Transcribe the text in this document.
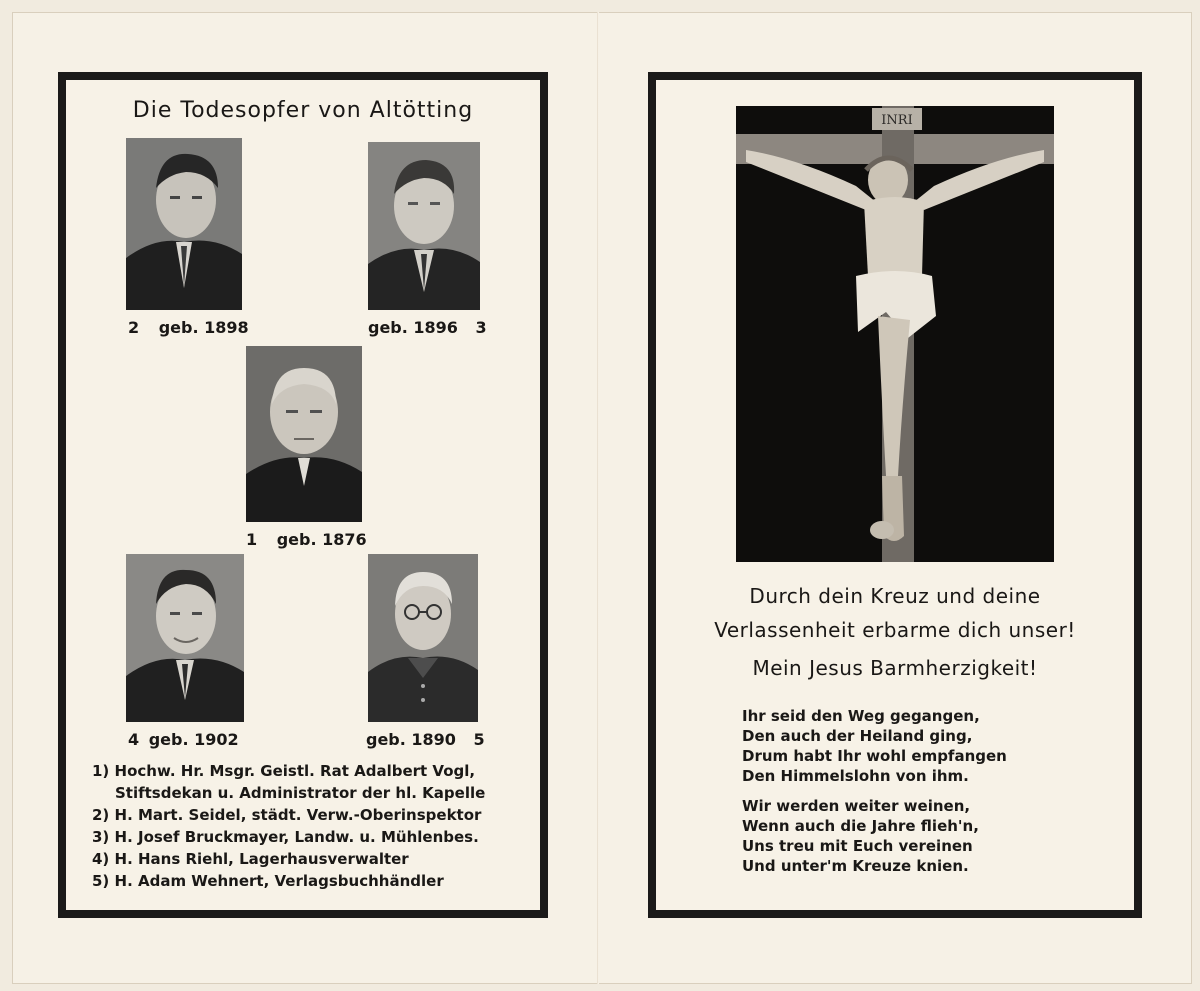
Die Todesopfer von Altötting
2 geb. 1898	geb. 1896 3
1 geb. 1876
4 geb. 1902	geb. 1890 5
1) Hochw. Hr. Msgr. Geistl. Rat Adalbert Vogl,
Stiftsdekan u. Administrator der hl. Kapelle
2) H. Mart. Seidel, städt. Verw.-Oberinspektor
3) H. Josef Bruckmayer, Landw. u. Mühlenbes.
4) H. Hans Riehl, Lagerhausverwalter
5) H. Adam Wehnert, Verlagsbuchhändler
INRI
Durch dein Kreuz und deine
Verlassenheit erbarme dich unser!
Mein Jesus Barmherzigkeit!
Ihr seid den Weg gegangen,
Den auch der Heiland ging,
Drum habt Ihr wohl empfangen
Den Himmelslohn von ihm.
Wir werden weiter weinen,
Wenn auch die Jahre flieh'n,
Uns treu mit Euch vereinen
Und unter'm Kreuze knien.
